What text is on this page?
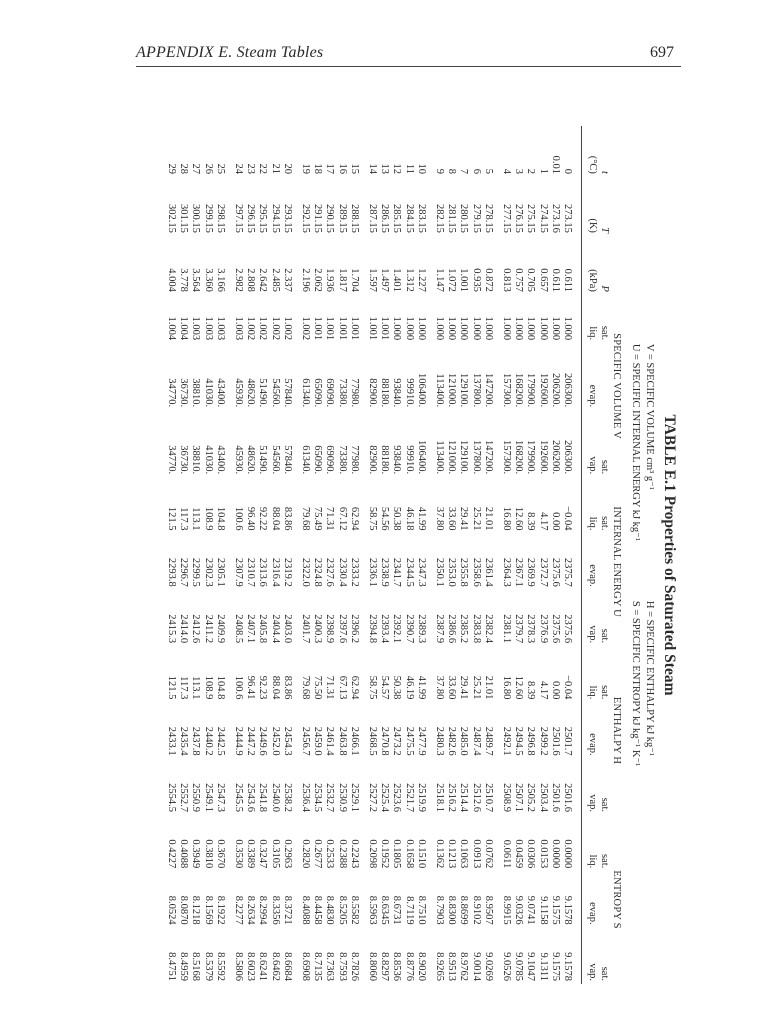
APPENDIX E. Steam Tables	697
TABLE E.1 Properties of Saturated Steam
V = SPECIFIC VOLUME cm³ g⁻¹
U = SPECIFIC INTERNAL ENERGY kJ kg⁻¹
H = SPECIFIC ENTHALPY kJ kg⁻¹
S = SPECIFIC ENTROPY kJ kg⁻¹ K⁻¹
			SPECIFIC VOLUME V			INTERNAL ENERGY U			ENTHALPY H			ENTROPY S		
t	T	P	sat.		sat.	sat.		sat.	sat.		sat.	sat.		sat.
(°C)	(K)	(kPa)	liq.	evap.	vap.	liq.	evap.	vap.	liq.	evap.	vap.	liq.	evap.	vap.
0	273.15	0.611	1.000	206300.	206300.	−0.04	2375.7	2375.6	−0.04	2501.7	2501.6	0.0000	9.1578	9.1578
0.01	273.16	0.611	1.000	206200.	206200.	0.00	2375.6	2375.6	0.00	2501.6	2501.6	0.0000	9.1575	9.1575
1	274.15	0.657	1.000	192600.	192600.	4.17	2372.7	2376.9	4.17	2499.2	2503.4	0.0153	9.1158	9.1311
2	275.15	0.705	1.000	179900.	179900.	8.39	2369.9	2378.3	8.39	2496.8	2505.2	0.0306	9.0741	9.1047
3	276.15	0.757	1.000	168200.	168200.	12.60	2367.1	2379.7	12.60	2494.5	2507.1	0.0459	9.0326	9.0785
4	277.15	0.813	1.000	157300.	157300.	16.80	2364.3	2381.1	16.80	2492.1	2508.9	0.0611	8.9915	9.0526
5	278.15	0.872	1.000	147200.	147200.	21.01	2361.4	2382.4	21.01	2489.7	2510.7	0.0762	8.9507	9.0269
6	279.15	0.935	1.000	137800.	137800.	25.21	2358.6	2383.8	25.21	2487.4	2512.6	0.0913	8.9102	9.0014
7	280.15	1.001	1.000	129100.	129100.	29.41	2355.8	2385.2	29.41	2485.0	2514.4	0.1063	8.8699	8.9762
8	281.15	1.072	1.000	121000.	121000.	33.60	2353.0	2386.6	33.60	2482.6	2516.2	0.1213	8.8300	8.9513
9	282.15	1.147	1.000	113400.	113400.	37.80	2350.1	2387.9	37.80	2480.3	2518.1	0.1362	8.7903	8.9265
10	283.15	1.227	1.000	106400.	106400.	41.99	2347.3	2389.3	41.99	2477.9	2519.9	0.1510	8.7510	8.9020
11	284.15	1.312	1.000	99910.	99910.	46.18	2344.5	2390.7	46.19	2475.5	2521.7	0.1658	8.7119	8.8776
12	285.15	1.401	1.000	93840.	93840.	50.38	2341.7	2392.1	50.38	2473.2	2523.6	0.1805	8.6731	8.8536
13	286.15	1.497	1.001	88180.	88180.	54.56	2338.9	2393.4	54.57	2470.8	2525.4	0.1952	8.6345	8.8297
14	287.15	1.597	1.001	82900.	82900.	58.75	2336.1	2394.8	58.75	2468.5	2527.2	0.2098	8.5963	8.8060
15	288.15	1.704	1.001	77980.	77980.	62.94	2333.2	2396.2	62.94	2466.1	2529.1	0.2243	8.5582	8.7826
16	289.15	1.817	1.001	73380.	73380.	67.12	2330.4	2397.6	67.13	2463.8	2530.9	0.2388	8.5205	8.7593
17	290.15	1.936	1.001	69090.	69090.	71.31	2327.6	2398.9	71.31	2461.4	2532.7	0.2533	8.4830	8.7363
18	291.15	2.062	1.001	65090.	65090.	75.49	2324.8	2400.3	75.50	2459.0	2534.5	0.2677	8.4458	8.7135
19	292.15	2.196	1.002	61340.	61340.	79.68	2322.0	2401.7	79.68	2456.7	2536.4	0.2820	8.4088	8.6908
20	293.15	2.337	1.002	57840.	57840.	83.86	2319.2	2403.0	83.86	2454.3	2538.2	0.2963	8.3721	8.6684
21	294.15	2.485	1.002	54560.	54560.	88.04	2316.4	2404.4	88.04	2452.0	2540.0	0.3105	8.3356	8.6462
22	295.15	2.642	1.002	51490.	51490.	92.22	2313.6	2405.8	92.23	2449.6	2541.8	0.3247	8.2994	8.6241
23	296.15	2.808	1.002	48620.	48620.	96.40	2310.7	2407.1	96.41	2447.2	2543.6	0.3389	8.2634	8.6023
24	297.15	2.982	1.003	45930.	45930.	100.6	2307.9	2408.5	100.6	2444.9	2545.5	0.3530	8.2277	8.5806
25	298.15	3.166	1.003	43400.	43400.	104.8	2305.1	2409.9	104.8	2442.5	2547.3	0.3670	8.1922	8.5592
26	299.15	3.360	1.003	41030.	41030.	108.9	2302.3	2411.2	108.9	2440.2	2549.1	0.3810	8.1569	8.5379
27	300.15	3.564	1.003	38810.	38810.	113.1	2299.5	2412.6	113.1	2437.8	2550.9	0.3949	8.1218	8.5168
28	301.15	3.778	1.004	36730.	36730.	117.3	2296.7	2414.0	117.3	2435.4	2552.7	0.4088	8.0870	8.4959
29	302.15	4.004	1.004	34770.	34770.	121.5	2293.8	2415.3	121.5	2433.1	2554.5	0.4227	8.0524	8.4751
